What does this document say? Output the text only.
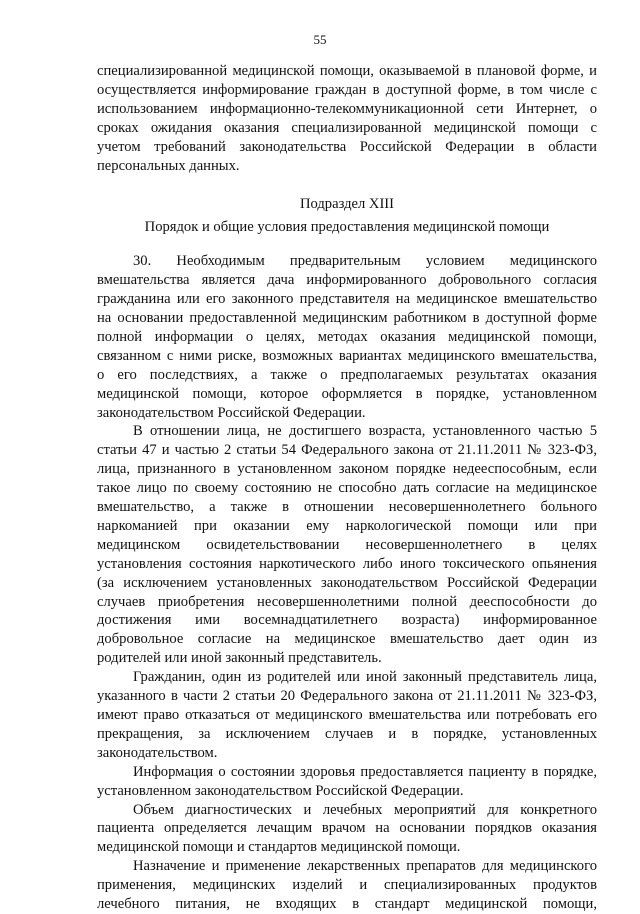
55

специализированной медицинской помощи, оказываемой в плановой форме, и

осуществляется информирование граждан в доступной форме, в том числе с

использованием информационно-телекоммуникационной сети Интернет, о

сроках ожидания оказания специализированной медицинской помощи с

учетом требований законодательства Российской Федерации в области

персональных данных.

Подраздел XIII
Порядок и общие условия предоставления медицинской помощи

30. Необходимым предварительным условием медицинского

вмешательства является дача информированного добровольного согласия

гражданина или его законного представителя на медицинское вмешательство

на основании предоставленной медицинским работником в доступной форме

полной информации о целях, методах оказания медицинской помощи,

связанном с ними риске, возможных вариантах медицинского вмешательства,

о его последствиях, а также о предполагаемых результатах оказания

медицинской помощи, которое оформляется в порядке, установленном

законодательством Российской Федерации.

В отношении лица, не достигшего возраста, установленного частью 5

статьи 47 и частью 2 статьи 54 Федерального закона от 21.11.2011 № 323-ФЗ,

лица, признанного в установленном законом порядке недееспособным, если

такое лицо по своему состоянию не способно дать согласие на медицинское

вмешательство, а также в отношении несовершеннолетнего больного

наркоманией при оказании ему наркологической помощи или при

медицинском освидетельствовании несовершеннолетнего в целях

установления состояния наркотического либо иного токсического опьянения

(за исключением установленных законодательством Российской Федерации

случаев приобретения несовершеннолетними полной дееспособности до

достижения ими восемнадцатилетнего возраста) информированное

добровольное согласие на медицинское вмешательство дает один из

родителей или иной законный представитель.

Гражданин, один из родителей или иной законный представитель лица,

указанного в части 2 статьи 20 Федерального закона от 21.11.2011 № 323-ФЗ,

имеют право отказаться от медицинского вмешательства или потребовать его

прекращения, за исключением случаев и в порядке, установленных

законодательством.

Информация о состоянии здоровья предоставляется пациенту в порядке,

установленном законодательством Российской Федерации.

Объем диагностических и лечебных мероприятий для конкретного

пациента определяется лечащим врачом на основании порядков оказания

медицинской помощи и стандартов медицинской помощи.

Назначение и применение лекарственных препаратов для медицинского

применения, медицинских изделий и специализированных продуктов

лечебного питания, не входящих в стандарт медицинской помощи,
